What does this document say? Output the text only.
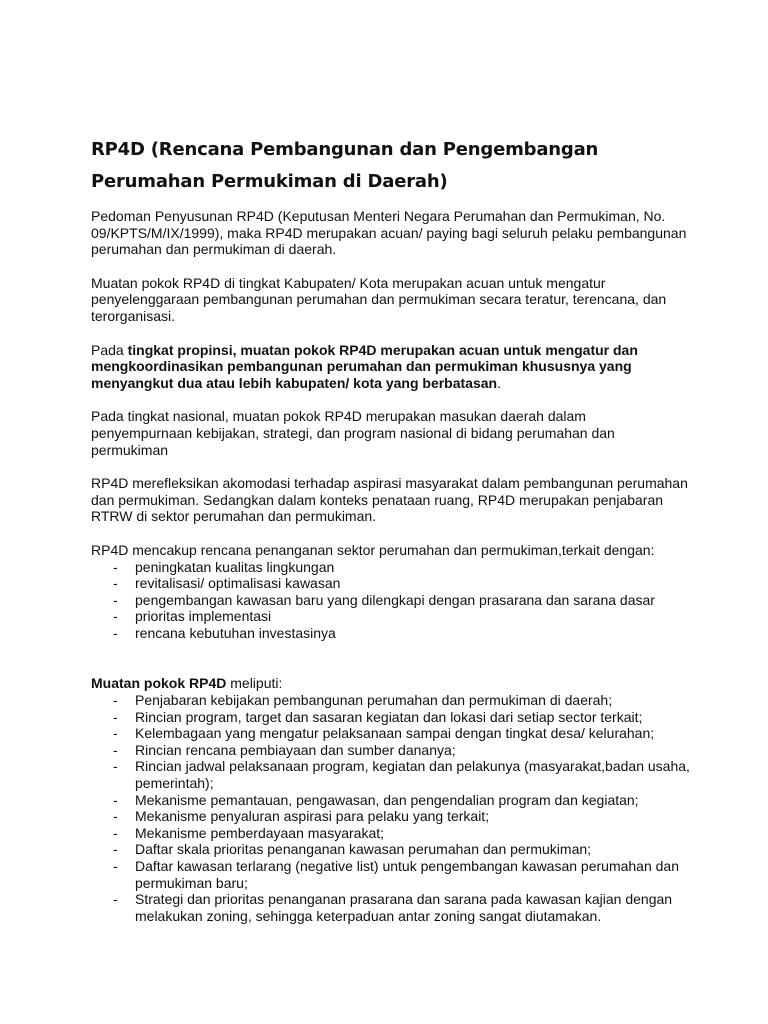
RP4D (Rencana Pembangunan dan Pengembangan Perumahan Permukiman di Daerah)

Pedoman Penyusunan RP4D (Keputusan Menteri Negara Perumahan dan Permukiman, No. 09/KPTS/M/IX/1999), maka RP4D merupakan acuan/ paying bagi seluruh pelaku pembangunan perumahan dan permukiman di daerah.

Muatan pokok RP4D di tingkat Kabupaten/ Kota merupakan acuan untuk mengatur penyelenggaraan pembangunan perumahan dan permukiman secara teratur, terencana, dan terorganisasi.

Pada tingkat propinsi, muatan pokok RP4D merupakan acuan untuk mengatur dan mengkoordinasikan pembangunan perumahan dan permukiman khususnya yang menyangkut dua atau lebih kabupaten/ kota yang berbatasan.

Pada tingkat nasional, muatan pokok RP4D merupakan masukan daerah dalam penyempurnaan kebijakan, strategi, dan program nasional di bidang perumahan dan permukiman

RP4D merefleksikan akomodasi terhadap aspirasi masyarakat dalam pembangunan perumahan dan permukiman. Sedangkan dalam konteks penataan ruang, RP4D merupakan penjabaran RTRW di sektor perumahan dan permukiman.

RP4D mencakup rencana penanganan sektor perumahan dan permukiman,terkait dengan:

- peningkatan kualitas lingkungan
- revitalisasi/ optimalisasi kawasan
- pengembangan kawasan baru yang dilengkapi dengan prasarana dan sarana dasar
- prioritas implementasi
- rencana kebutuhan investasinya

Muatan pokok RP4D meliputi:

- Penjabaran kebijakan pembangunan perumahan dan permukiman di daerah;
- Rincian program, target dan sasaran kegiatan dan lokasi dari setiap sector terkait;
- Kelembagaan yang mengatur pelaksanaan sampai dengan tingkat desa/ kelurahan;
- Rincian rencana pembiayaan dan sumber dananya;
- Rincian jadwal pelaksanaan program, kegiatan dan pelakunya (masyarakat,badan usaha, pemerintah);
- Mekanisme pemantauan, pengawasan, dan pengendalian program dan kegiatan;
- Mekanisme penyaluran aspirasi para pelaku yang terkait;
- Mekanisme pemberdayaan masyarakat;
- Daftar skala prioritas penanganan kawasan perumahan dan permukiman;
- Daftar kawasan terlarang (negative list) untuk pengembangan kawasan perumahan dan permukiman baru;
- Strategi dan prioritas penanganan prasarana dan sarana pada kawasan kajian dengan melakukan zoning, sehingga keterpaduan antar zoning sangat diutamakan.
